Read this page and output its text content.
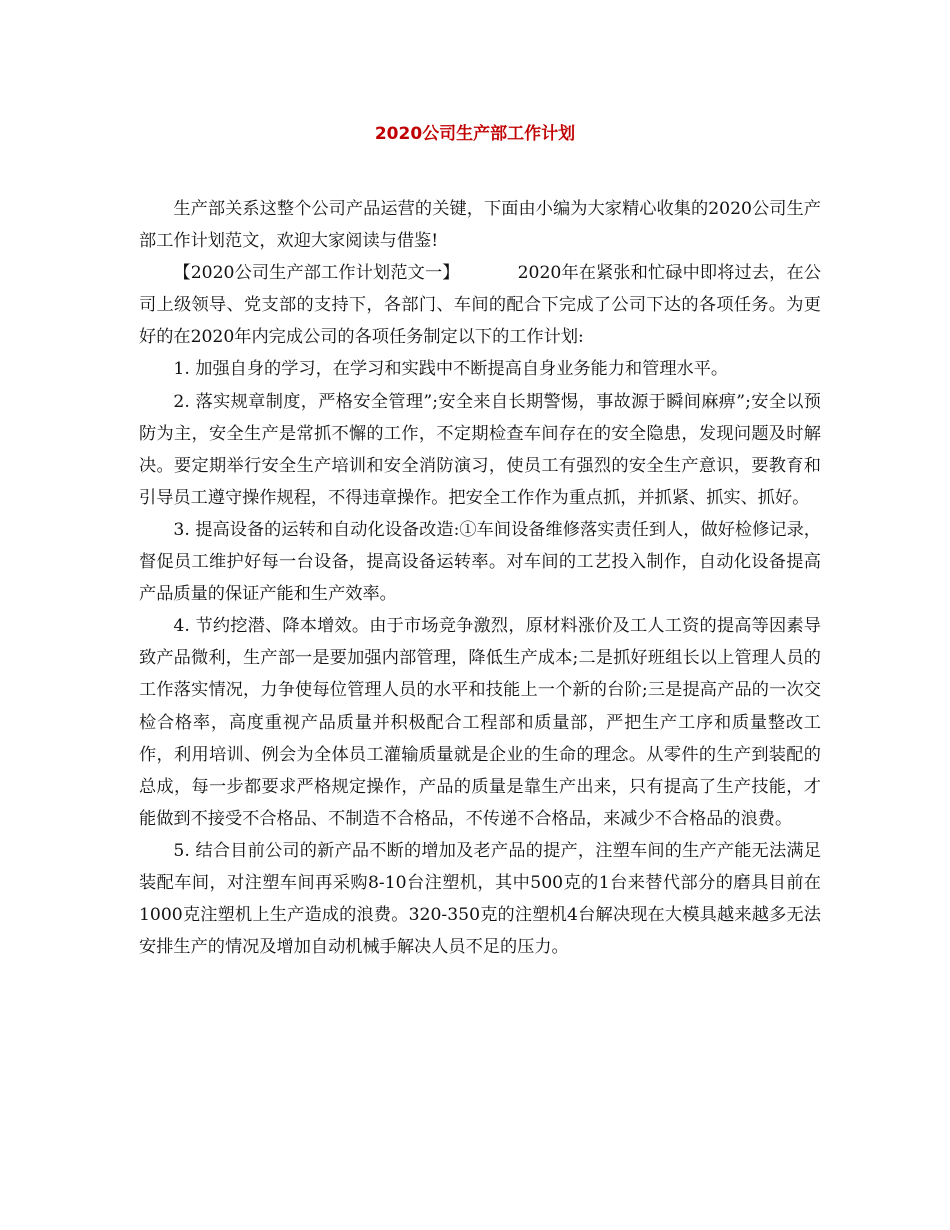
2020公司生产部工作计划

生产部关系这整个公司产品运营的关键，下面由小编为大家精心收集的2020公司生产部工作计划范文，欢迎大家阅读与借鉴!

【2020公司生产部工作计划范文一】	2020年在紧张和忙碌中即将过去，在公司上级领导、党支部的支持下，各部门、车间的配合下完成了公司下达的各项任务。为更好的在2020年内完成公司的各项任务制定以下的工作计划:

1. 加强自身的学习，在学习和实践中不断提高自身业务能力和管理水平。

2. 落实规章制度，严格安全管理”;安全来自长期警惕，事故源于瞬间麻痹”;安全以预防为主，安全生产是常抓不懈的工作，不定期检查车间存在的安全隐患，发现问题及时解决。要定期举行安全生产培训和安全消防演习，使员工有强烈的安全生产意识，要教育和引导员工遵守操作规程，不得违章操作。把安全工作作为重点抓，并抓紧、抓实、抓好。

3. 提高设备的运转和自动化设备改造:①车间设备维修落实责任到人，做好检修记录，督促员工维护好每一台设备，提高设备运转率。对车间的工艺投入制作，自动化设备提高产品质量的保证产能和生产效率。

4. 节约挖潜、降本增效。由于市场竞争激烈，原材料涨价及工人工资的提高等因素导致产品微利，生产部一是要加强内部管理，降低生产成本;二是抓好班组长以上管理人员的工作落实情况，力争使每位管理人员的水平和技能上一个新的台阶;三是提高产品的一次交检合格率，高度重视产品质量并积极配合工程部和质量部，严把生产工序和质量整改工作，利用培训、例会为全体员工灌输质量就是企业的生命的理念。从零件的生产到装配的总成，每一步都要求严格规定操作，产品的质量是靠生产出来，只有提高了生产技能，才能做到不接受不合格品、不制造不合格品，不传递不合格品，来减少不合格品的浪费。

5. 结合目前公司的新产品不断的增加及老产品的提产，注塑车间的生产产能无法满足装配车间，对注塑车间再采购8-10台注塑机，其中500克的1台来替代部分的磨具目前在1000克注塑机上生产造成的浪费。320-350克的注塑机4台解决现在大模具越来越多无法安排生产的情况及增加自动机械手解决人员不足的压力。
